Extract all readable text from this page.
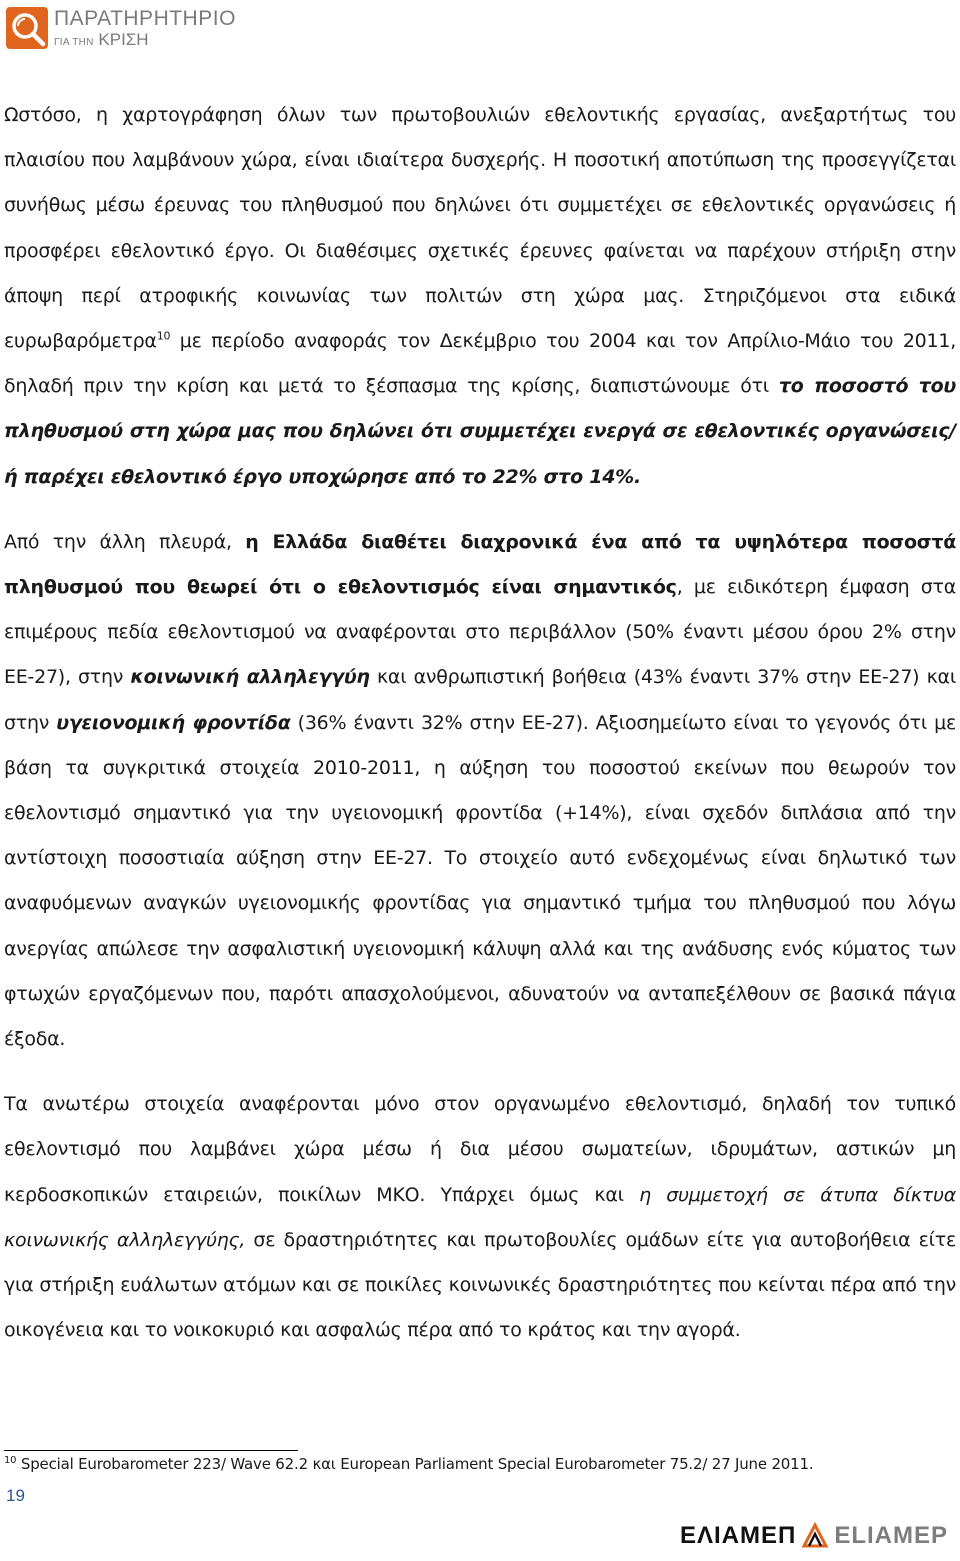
ΠΑΡΑΤΗΡΗΤΗΡΙΟ
ΓΙΑ ΤΗΝ ΚΡΙΣΗ

Ωστόσο, η χαρτογράφηση όλων των πρωτοβουλιών εθελοντικής εργασίας, ανεξαρτήτως του πλαισίου που λαμβάνουν χώρα, είναι ιδιαίτερα δυσχερής. Η ποσοτική αποτύπωση της προσεγγίζεται συνήθως μέσω έρευνας του πληθυσμού που δηλώνει ότι συμμετέχει σε εθελοντικές οργανώσεις ή προσφέρει εθελοντικό έργο. Οι διαθέσιμες σχετικές έρευνες φαίνεται να παρέχουν στήριξη στην άποψη περί ατροφικής κοινωνίας των πολιτών στη χώρα μας. Στηριζόμενοι στα ειδικά ευρωβαρόμετρα$^{10}$ με περίοδο αναφοράς τον Δεκέμβριο του 2004 και τον Απρίλιο-Μάιο του 2011, δηλαδή πριν την κρίση και μετά το ξέσπασμα της κρίσης, διαπιστώνουμε ότι το ποσοστό του πληθυσμού στη χώρα μας που δηλώνει ότι συμμετέχει ενεργά σε εθελοντικές οργανώσεις/ ή παρέχει εθελοντικό έργο υποχώρησε από το 22% στο 14%.

Από την άλλη πλευρά, η Ελλάδα διαθέτει διαχρονικά ένα από τα υψηλότερα ποσοστά πληθυσμού που θεωρεί ότι ο εθελοντισμός είναι σημαντικός, με ειδικότερη έμφαση στα επιμέρους πεδία εθελοντισμού να αναφέρονται στο περιβάλλον (50% έναντι μέσου όρου 2% στην ΕΕ-27), στην κοινωνική αλληλεγγύη και ανθρωπιστική βοήθεια (43% έναντι 37% στην ΕΕ-27) και στην υγειονομική φροντίδα (36% έναντι 32% στην ΕΕ-27). Αξιοσημείωτο είναι το γεγονός ότι με βάση τα συγκριτικά στοιχεία 2010-2011, η αύξηση του ποσοστού εκείνων που θεωρούν τον εθελοντισμό σημαντικό για την υγειονομική φροντίδα (+14%), είναι σχεδόν διπλάσια από την αντίστοιχη ποσοστιαία αύξηση στην ΕΕ-27. Το στοιχείο αυτό ενδεχομένως είναι δηλωτικό των αναφυόμενων αναγκών υγειονομικής φροντίδας για σημαντικό τμήμα του πληθυσμού που λόγω ανεργίας απώλεσε την ασφαλιστική υγειονομική κάλυψη αλλά και της ανάδυσης ενός κύματος των φτωχών εργαζόμενων που, παρότι απασχολούμενοι, αδυνατούν να ανταπεξέλθουν σε βασικά πάγια έξοδα.

Τα ανωτέρω στοιχεία αναφέρονται μόνο στον οργανωμένο εθελοντισμό, δηλαδή τον τυπικό εθελοντισμό που λαμβάνει χώρα μέσω ή δια μέσου σωματείων, ιδρυμάτων, αστικών μη κερδοσκοπικών εταιρειών, ποικίλων ΜΚΟ. Υπάρχει όμως και η συμμετοχή σε άτυπα δίκτυα κοινωνικής αλληλεγγύης, σε δραστηριότητες και πρωτοβουλίες ομάδων είτε για αυτοβοήθεια είτε για στήριξη ευάλωτων ατόμων και σε ποικίλες κοινωνικές δραστηριότητες που κείνται πέρα από την οικογένεια και το νοικοκυριό και ασφαλώς πέρα από το κράτος και την αγορά.

$^{10}$ Special Eurobarometer 223/ Wave 62.2 και European Parliament Special Eurobarometer 75.2/ 27 June 2011.
19
ΕΛΙΑΜΕΠ ELIAMEP
